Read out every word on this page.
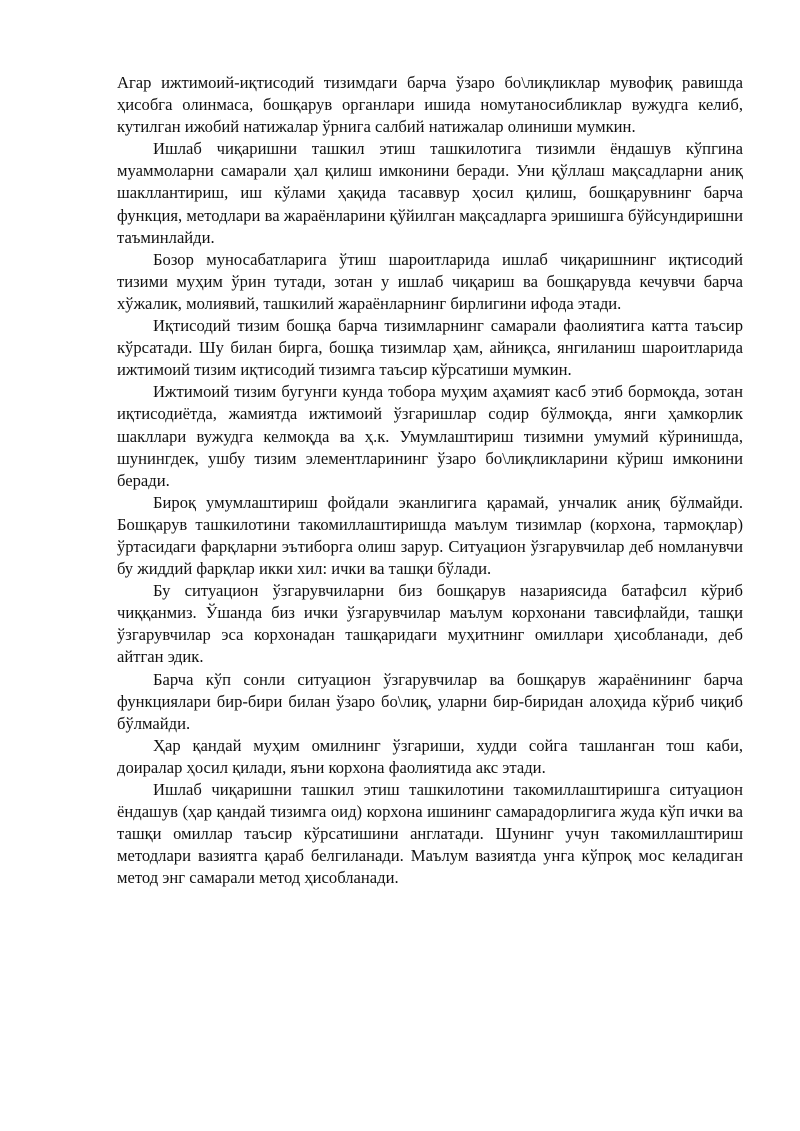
Агар ижтимоий-иқтисодий тизимдаги барча ўзаро бо\лиқликлар мувофиқ равишда ҳисобга олинмаса, бошқарув органлари ишида номутаносибликлар вужудга келиб, кутилган ижобий натижалар ўрнига салбий натижалар олиниши мумкин.

Ишлаб чиқаришни ташкил этиш ташкилотига тизимли ёндашув кўпгина муаммоларни самарали ҳал қилиш имконини беради. Уни қўллаш мақсадларни аниқ шакллантириш, иш кўлами ҳақида тасаввур ҳосил қилиш, бошқарувнинг барча функция, методлари ва жараёнларини қўйилган мақсадларга эришишга бўйсундиришни таъминлайди.

Бозор муносабатларига ўтиш шароитларида ишлаб чиқаришнинг иқтисодий тизими муҳим ўрин тутади, зотан у ишлаб чиқариш ва бошқарувда кечувчи барча хўжалик, молиявий, ташкилий жараёнларнинг бирлигини ифода этади.

Иқтисодий тизим бошқа барча тизимларнинг самарали фаолиятига катта таъсир кўрсатади. Шу билан бирга, бошқа тизимлар ҳам, айниқса, янгиланиш шароитларида ижтимоий тизим иқтисодий тизимга таъсир кўрсатиши мумкин.

Ижтимоий тизим бугунги кунда тобора муҳим аҳамият касб этиб бормоқда, зотан иқтисодиётда, жамиятда ижтимоий ўзгаришлар содир бўлмоқда, янги ҳамкорлик шакллари вужудга келмоқда ва ҳ.к. Умумлаштириш тизимни умумий кўринишда, шунингдек, ушбу тизим элементларининг ўзаро бо\лиқликларини кўриш имконини беради.

Бироқ умумлаштириш фойдали эканлигига қарамай, унчалик аниқ бўлмайди. Бошқарув ташкилотини такомиллаштиришда маълум тизимлар (корхона, тармоқлар) ўртасидаги фарқларни эътиборга олиш зарур. Ситуацион ўзгарувчилар деб номланувчи бу жиддий фарқлар икки хил: ички ва ташқи бўлади.

Бу ситуацион ўзгарувчиларни биз бошқарув назариясида батафсил кўриб чиққанмиз. Ўшанда биз ички ўзгарувчилар маълум корхонани тавсифлайди, ташқи ўзгарувчилар эса корхонадан ташқаридаги муҳитнинг омиллари ҳисобланади, деб айтган эдик.

Барча кўп сонли ситуацион ўзгарувчилар ва бошқарув жараёнининг барча функциялари бир-бири билан ўзаро бо\лиқ, уларни бир-биридан алоҳида кўриб чиқиб бўлмайди.

Ҳар қандай муҳим омилнинг ўзгариши, худди сойга ташланган тош каби, доиралар ҳосил қилади, яъни корхона фаолиятида акс этади.

Ишлаб чиқаришни ташкил этиш ташкилотини такомиллаштиришга ситуацион ёндашув (ҳар қандай тизимга оид) корхона ишининг самарадорлигига жуда кўп ички ва ташқи омиллар таъсир кўрсатишини англатади. Шунинг учун такомиллаштириш методлари вазиятга қараб белгиланади. Маълум вазиятда унга кўпроқ мос келадиган метод энг самарали метод ҳисобланади.
